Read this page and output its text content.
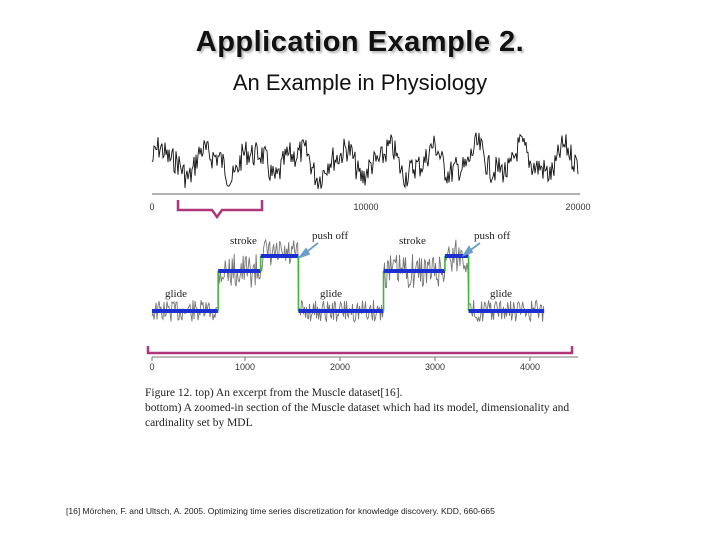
Application Example 2.
An Example in Physiology
0	10000	20000
0	1000	2000	3000	4000
stroke	push off	stroke	push off
glide	glide	glide
Figure 12. top) An excerpt from the Muscle dataset[16].
bottom) A zoomed-in section of the Muscle dataset which had its model, dimensionality and
cardinality set by MDL
[16] Mörchen, F. and Ultsch, A. 2005. Optimizing time series discretization for knowledge discovery. KDD, 660-665
